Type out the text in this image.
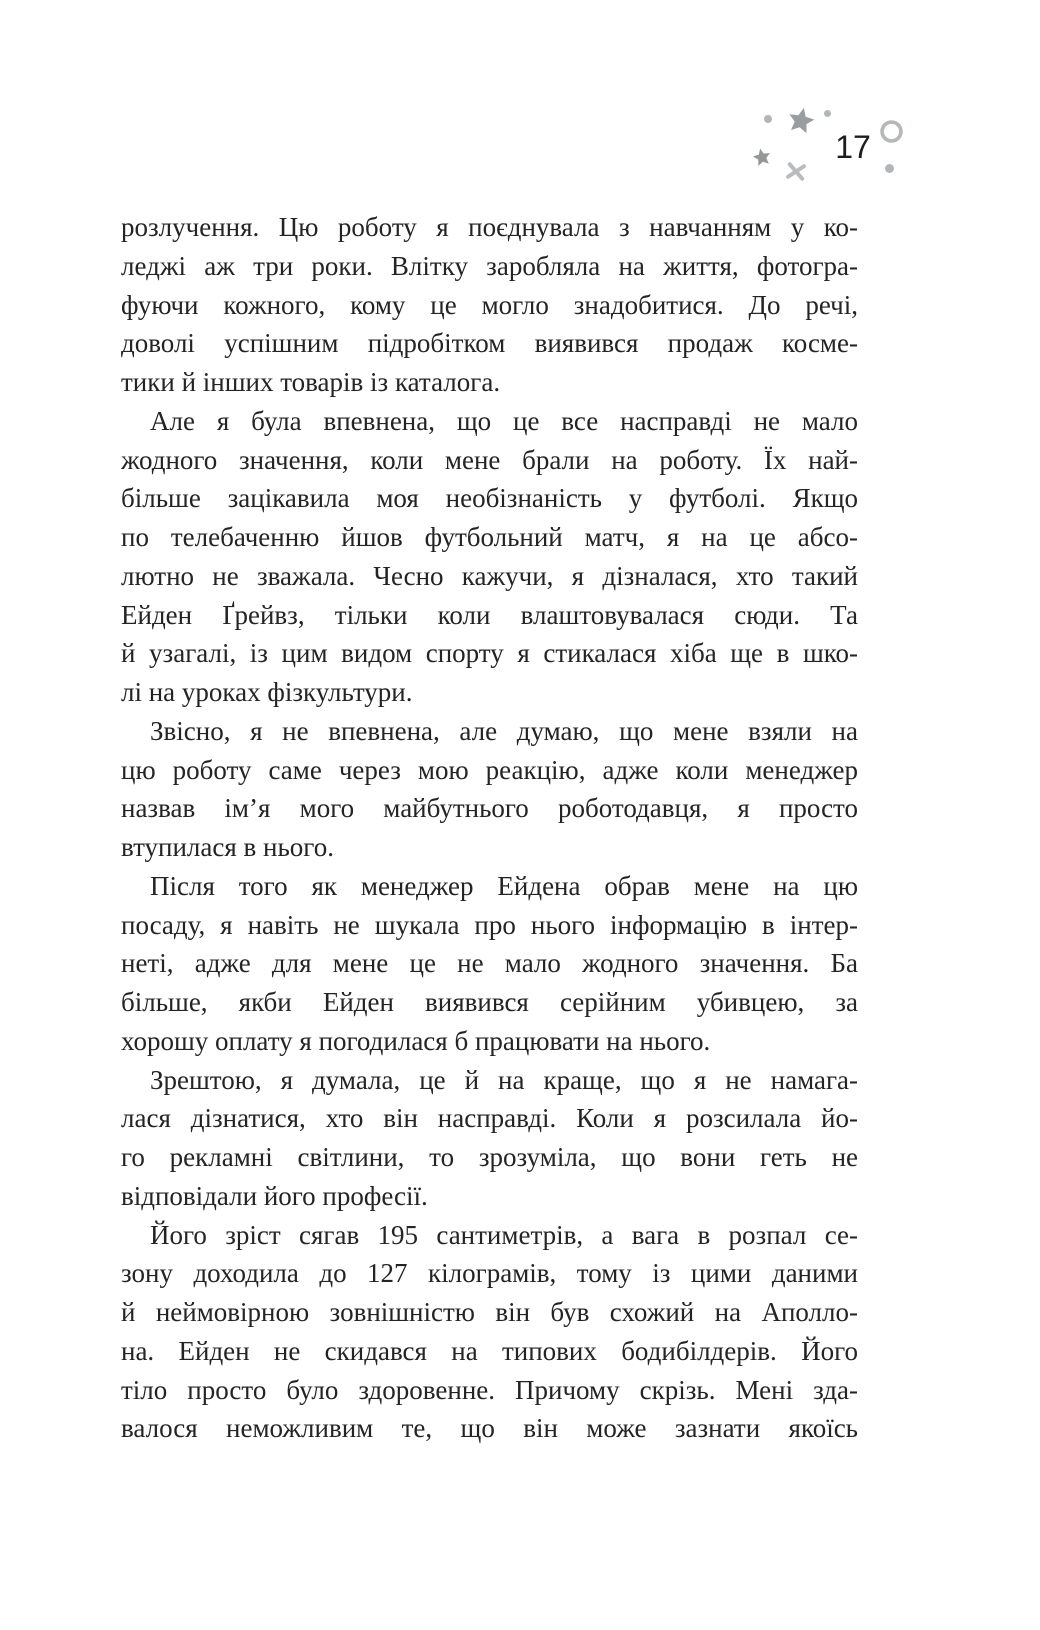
17
розлучення. Цю роботу я поєднувала з навчанням у ко-
леджі аж три роки. Влітку заробляла на життя, фотогра-
фуючи кожного, кому це могло знадобитися. До речі,
доволі успішним підробітком виявився продаж косме-
тики й інших товарів із каталога.
Але я була впевнена, що це все насправді не мало
жодного значення, коли мене брали на роботу. Їх най-
більше зацікавила моя необізнаність у футболі. Якщо
по телебаченню йшов футбольний матч, я на це абсо-
лютно не зважала. Чесно кажучи, я дізналася, хто такий
Ейден Ґрейвз, тільки коли влаштовувалася сюди. Та
й узагалі, із цим видом спорту я стикалася хіба ще в шко-
лі на уроках фізкультури.
Звісно, я не впевнена, але думаю, що мене взяли на
цю роботу саме через мою реакцію, адже коли менеджер
назвав ім’я мого майбутнього роботодавця, я просто
втупилася в нього.
Після того як менеджер Ейдена обрав мене на цю
посаду, я навіть не шукала про нього інформацію в інтер-
неті, адже для мене це не мало жодного значення. Ба
більше, якби Ейден виявився серійним убивцею, за
хорошу оплату я погодилася б працювати на нього.
Зрештою, я думала, це й на краще, що я не намага-
лася дізнатися, хто він насправді. Коли я розсилала йо-
го рекламні світлини, то зрозуміла, що вони геть не
відповідали його професії.
Його зріст сягав 195 сантиметрів, а вага в розпал се-
зону доходила до 127 кілограмів, тому із цими даними
й неймовірною зовнішністю він був схожий на Аполло-
на. Ейден не скидався на типових бодибілдерів. Його
тіло просто було здоровенне. Причому скрізь. Мені зда-
валося неможливим те, що він може зазнати якоїсь
